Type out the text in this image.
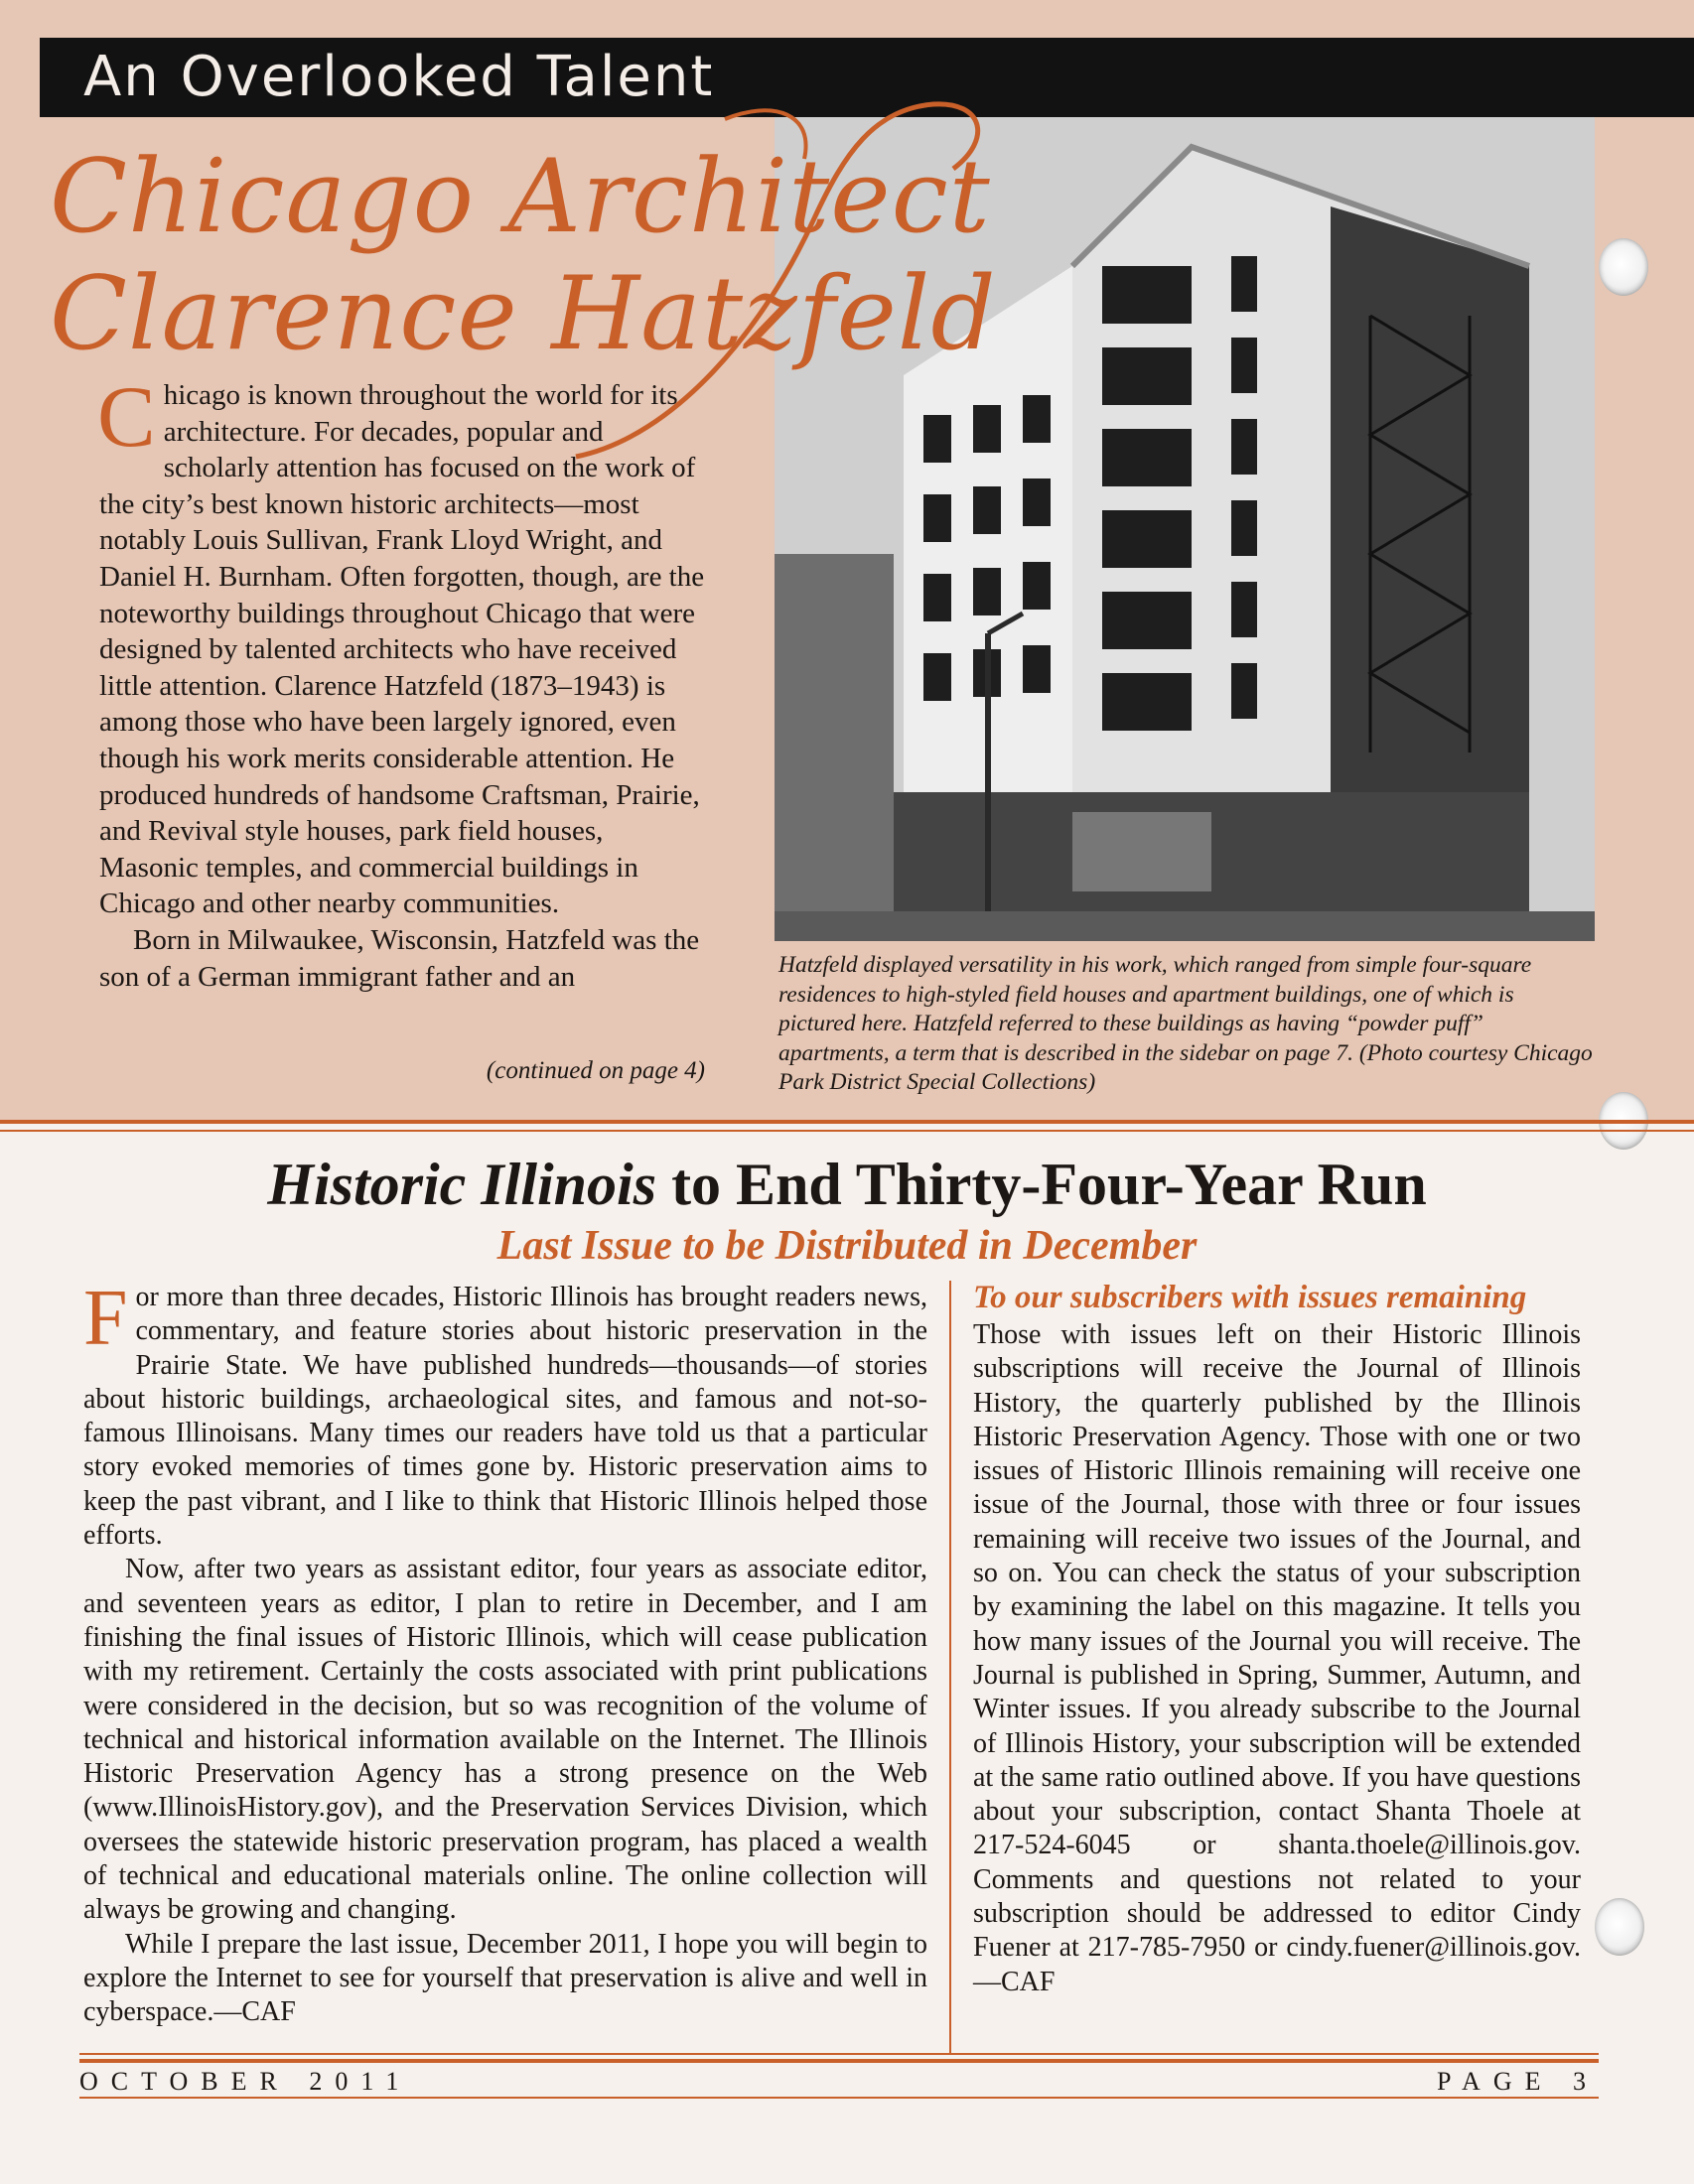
An Overlooked Talent
Chicago Architect
Clarence Hatzfeld

C hicago is known throughout the world for its architecture. For decades, popular and scholarly attention has focused on the work of the city’s best known historic architects—most notably Louis Sullivan, Frank Lloyd Wright, and Daniel H. Burnham. Often forgotten, though, are the noteworthy buildings throughout Chicago that were designed by talented architects who have received little attention. Clarence Hatzfeld (1873–1943) is among those who have been largely ignored, even though his work merits considerable attention. He produced hundreds of handsome Craftsman, Prairie, and Revival style houses, park field houses, Masonic temples, and commercial buildings in Chicago and other nearby communities.

Born in Milwaukee, Wisconsin, Hatzfeld was the son of a German immigrant father and an

(continued on page 4)
Hatzfeld displayed versatility in his work, which ranged from simple four-square residences to high-styled field houses and apartment buildings, one of which is pictured here. Hatzfeld referred to these buildings as having “powder puff” apartments, a term that is described in the sidebar on page 7. (Photo courtesy Chicago Park District Special Collections)
Historic Illinois to End Thirty-Four-Year Run
Last Issue to be Distributed in December

F or more than three decades, Historic Illinois has brought readers news, commentary, and feature stories about historic preservation in the Prairie State. We have published hundreds—thousands—of stories about historic buildings, archaeological sites, and famous and not-so-famous Illinoisans. Many times our readers have told us that a particular story evoked memories of times gone by. Historic preservation aims to keep the past vibrant, and I like to think that Historic Illinois helped those efforts.

Now, after two years as assistant editor, four years as associate editor, and seventeen years as editor, I plan to retire in December, and I am finishing the final issues of Historic Illinois, which will cease publication with my retirement. Certainly the costs associated with print publications were considered in the decision, but so was recognition of the volume of technical and historical information available on the Internet. The Illinois Historic Preservation Agency has a strong presence on the Web (www.IllinoisHistory.gov), and the Preservation Services Division, which oversees the statewide historic preservation program, has placed a wealth of technical and educational materials online. The online collection will always be growing and changing.

While I prepare the last issue, December 2011, I hope you will begin to explore the Internet to see for yourself that preservation is alive and well in cyberspace.—CAF

To our subscribers with issues remaining

Those with issues left on their Historic Illinois subscriptions will receive the Journal of Illinois History, the quarterly published by the Illinois Historic Preservation Agency. Those with one or two issues of Historic Illinois remaining will receive one issue of the Journal, those with three or four issues remaining will receive two issues of the Journal, and so on. You can check the status of your subscription by examining the label on this magazine. It tells you how many issues of the Journal you will receive. The Journal is published in Spring, Summer, Autumn, and Winter issues. If you already subscribe to the Journal of Illinois History, your subscription will be extended at the same ratio outlined above. If you have questions about your subscription, contact Shanta Thoele at 217-524-6045 or shanta.thoele@illinois.gov. Comments and questions not related to your subscription should be addressed to editor Cindy Fuener at 217-785-7950 or cindy.fuener@illinois.gov.—CAF

OCTOBER 2011	PAGE 3
